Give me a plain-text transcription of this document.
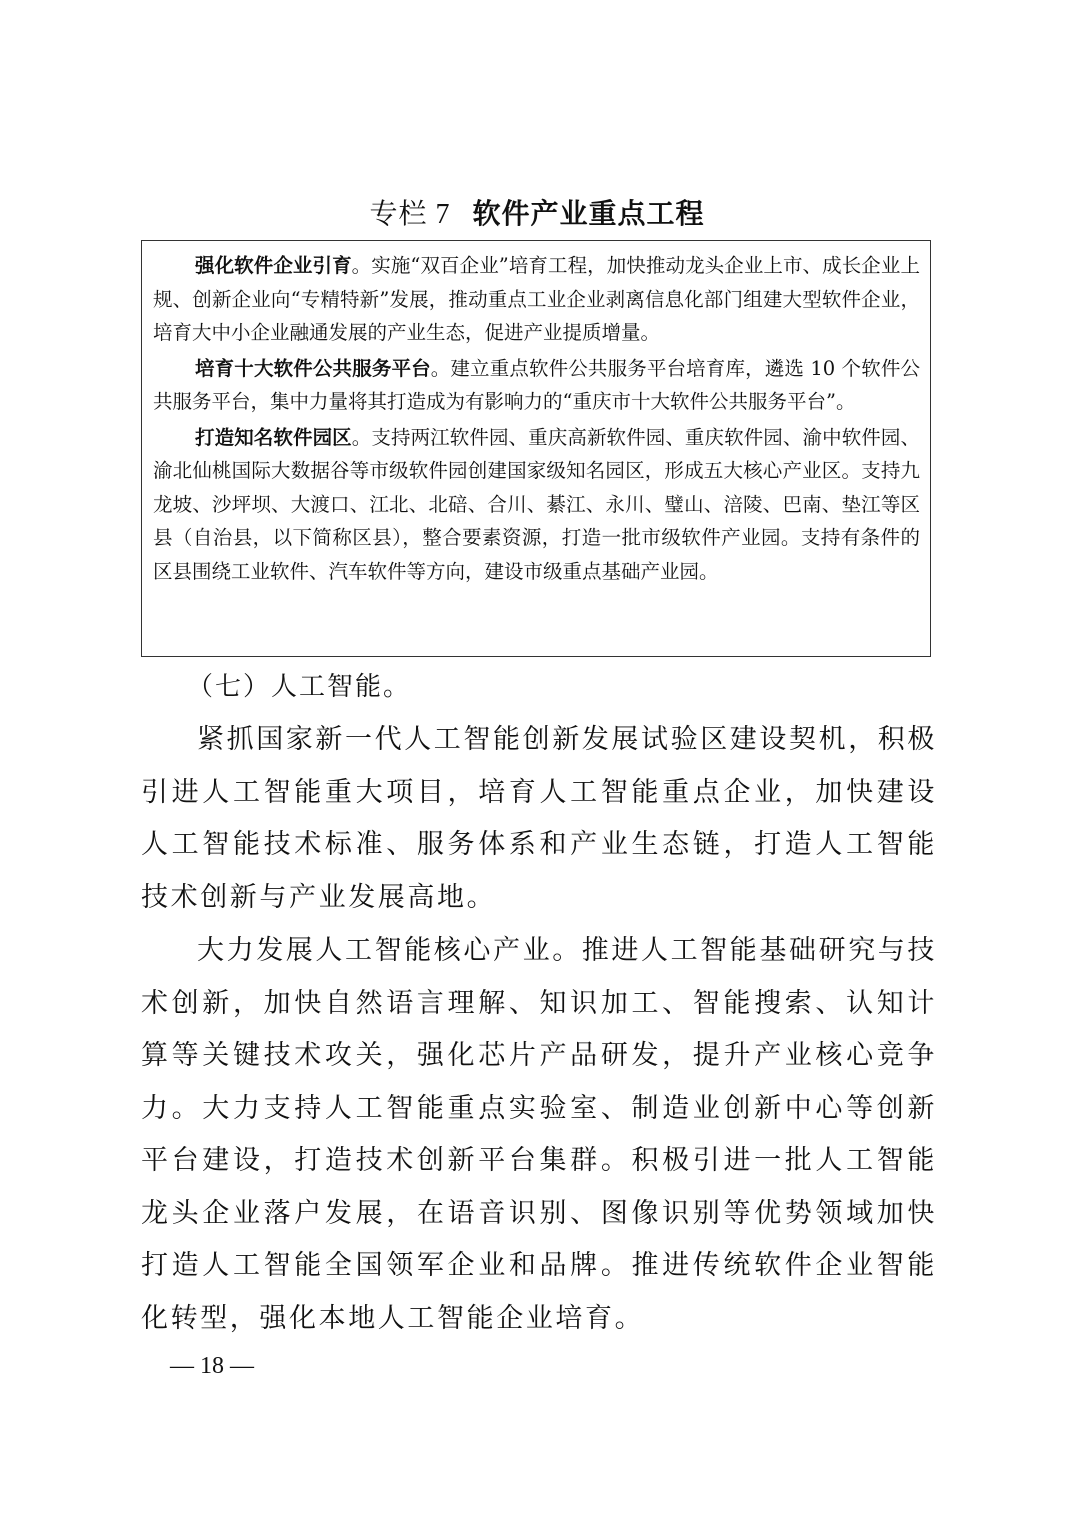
专栏 7 软件产业重点工程

强化软件企业引育。实施“双百企业”培育工程，加快推动龙头企业上市、成长企业上规、创新企业向“专精特新”发展，推动重点工业企业剥离信息化部门组建大型软件企业，培育大中小企业融通发展的产业生态，促进产业提质增量。

培育十大软件公共服务平台。建立重点软件公共服务平台培育库，遴选 10 个软件公共服务平台，集中力量将其打造成为有影响力的“重庆市十大软件公共服务平台”。

打造知名软件园区。支持两江软件园、重庆高新软件园、重庆软件园、渝中软件园、渝北仙桃国际大数据谷等市级软件园创建国家级知名园区，形成五大核心产业区。支持九龙坡、沙坪坝、大渡口、江北、北碚、合川、綦江、永川、璧山、涪陵、巴南、垫江等区县（自治县，以下简称区县），整合要素资源，打造一批市级软件产业园。支持有条件的区县围绕工业软件、汽车软件等方向，建设市级重点基础产业园。

（七）人工智能。

紧抓国家新一代人工智能创新发展试验区建设契机，积极引进人工智能重大项目，培育人工智能重点企业，加快建设人工智能技术标准、服务体系和产业生态链，打造人工智能技术创新与产业发展高地。

大力发展人工智能核心产业。推进人工智能基础研究与技术创新，加快自然语言理解、知识加工、智能搜索、认知计算等关键技术攻关，强化芯片产品研发，提升产业核心竞争力。大力支持人工智能重点实验室、制造业创新中心等创新平台建设，打造技术创新平台集群。积极引进一批人工智能龙头企业落户发展，在语音识别、图像识别等优势领域加快打造人工智能全国领军企业和品牌。推进传统软件企业智能化转型，强化本地人工智能企业培育。

— 18 —
